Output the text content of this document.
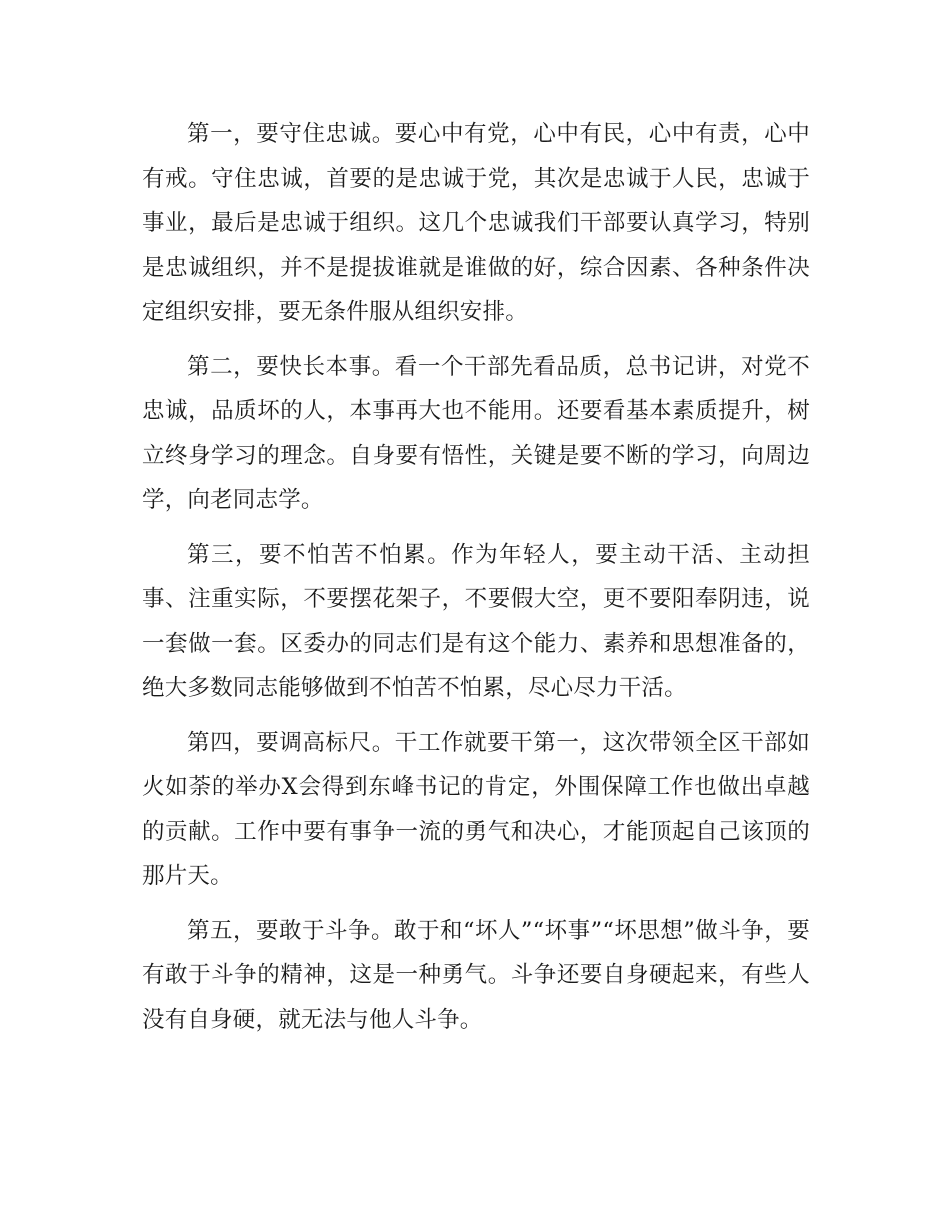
第一，要守住忠诚。要心中有党，心中有民，心中有责，心中有戒。守住忠诚，首要的是忠诚于党，其次是忠诚于人民，忠诚于事业，最后是忠诚于组织。这几个忠诚我们干部要认真学习，特别是忠诚组织，并不是提拔谁就是谁做的好，综合因素、各种条件决定组织安排，要无条件服从组织安排。

第二，要快长本事。看一个干部先看品质，总书记讲，对党不忠诚，品质坏的人，本事再大也不能用。还要看基本素质提升，树立终身学习的理念。自身要有悟性，关键是要不断的学习，向周边学，向老同志学。

第三，要不怕苦不怕累。作为年轻人，要主动干活、主动担事、注重实际，不要摆花架子，不要假大空，更不要阳奉阴违，说一套做一套。区委办的同志们是有这个能力、素养和思想准备的，绝大多数同志能够做到不怕苦不怕累，尽心尽力干活。

第四，要调高标尺。干工作就要干第一，这次带领全区干部如火如荼的举办X会得到东峰书记的肯定，外围保障工作也做出卓越的贡献。工作中要有事争一流的勇气和决心，才能顶起自己该顶的那片天。

第五，要敢于斗争。敢于和“坏人”“坏事”“坏思想”做斗争，要有敢于斗争的精神，这是一种勇气。斗争还要自身硬起来，有些人没有自身硬，就无法与他人斗争。
